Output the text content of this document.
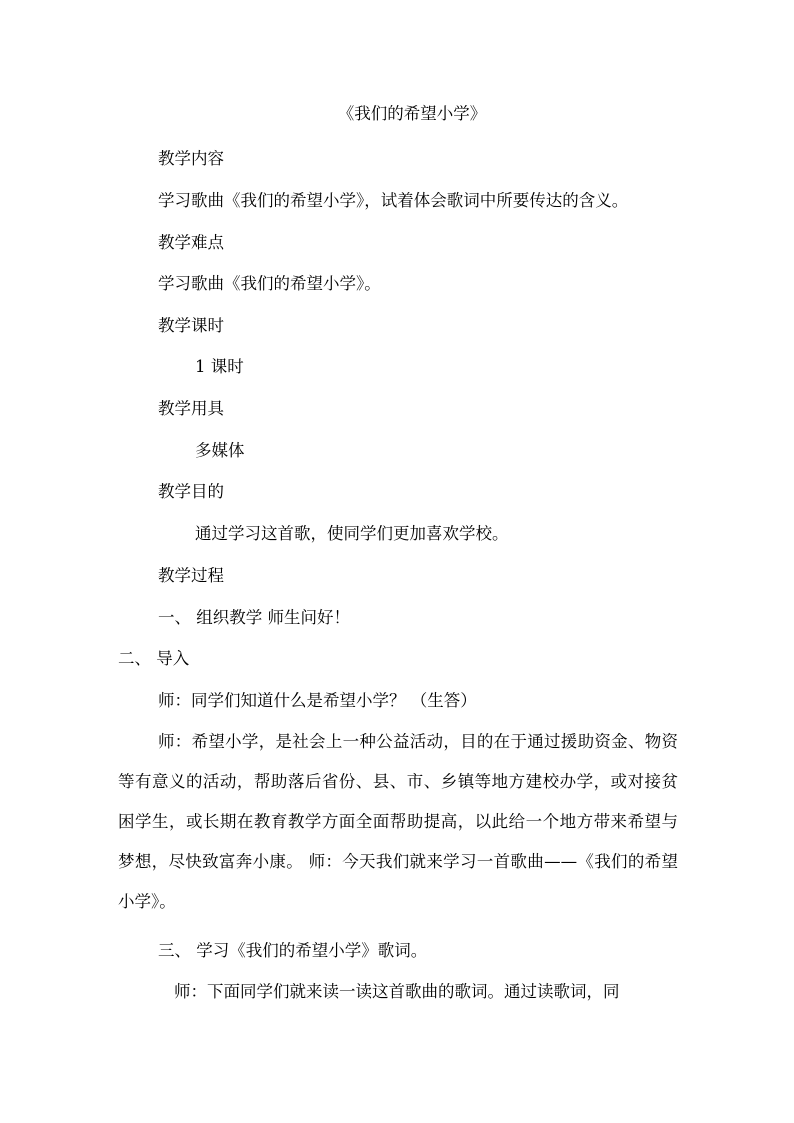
《我们的希望小学》
教学内容
学习歌曲《我们的希望小学》，试着体会歌词中所要传达的含义。
教学难点
学习歌曲《我们的希望小学》。
教学课时
1 课时
教学用具
多媒体
教学目的
通过学习这首歌，使同学们更加喜欢学校。
教学过程
一、 组织教学 师生问好！
二、 导入
师：同学们知道什么是希望小学？ （生答）
师：希望小学，是社会上一种公益活动，目的在于通过援助资金、物资等有意义的活动，帮助落后省份、县、市、乡镇等地方建校办学，或对接贫困学生，或长期在教育教学方面全面帮助提高，以此给一个地方带来希望与梦想，尽快致富奔小康。 师：今天我们就来学习一首歌曲——《我们的希望小学》。
三、 学习《我们的希望小学》歌词。
师：下面同学们就来读一读这首歌曲的歌词。通过读歌词，同
